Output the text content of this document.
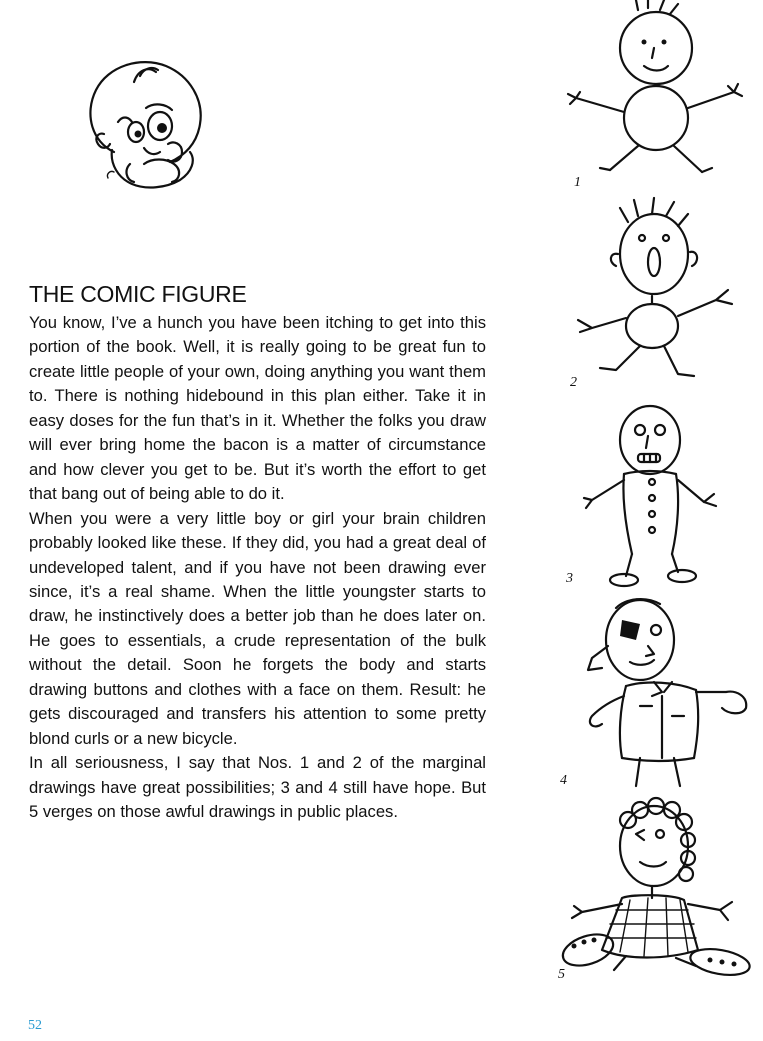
THE COMIC FIGURE

You know, I’ve a hunch you have been itching to get into this portion of the book. Well, it is really going to be great fun to create little people of your own, doing anything you want them to. There is nothing hidebound in this plan either. Take it in easy doses for the fun that’s in it. Whether the folks you draw will ever bring home the bacon is a matter of circumstance and how clever you get to be. But it’s worth the effort to get that bang out of being able to do it.

When you were a very little boy or girl your brain children probably looked like these. If they did, you had a great deal of undeveloped talent, and if you have not been drawing ever since, it’s a real shame. When the little youngster starts to draw, he instinctively does a better job than he does later on. He goes to essentials, a crude representation of the bulk without the detail. Soon he forgets the body and starts drawing buttons and clothes with a face on them. Result: he gets discouraged and transfers his attention to some pretty blond curls or a new bicycle.

In all seriousness, I say that Nos. 1 and 2 of the marginal drawings have great possibilities; 3 and 4 still have hope. But 5 verges on those awful drawings in public places.

1
2
3
4
5
52
